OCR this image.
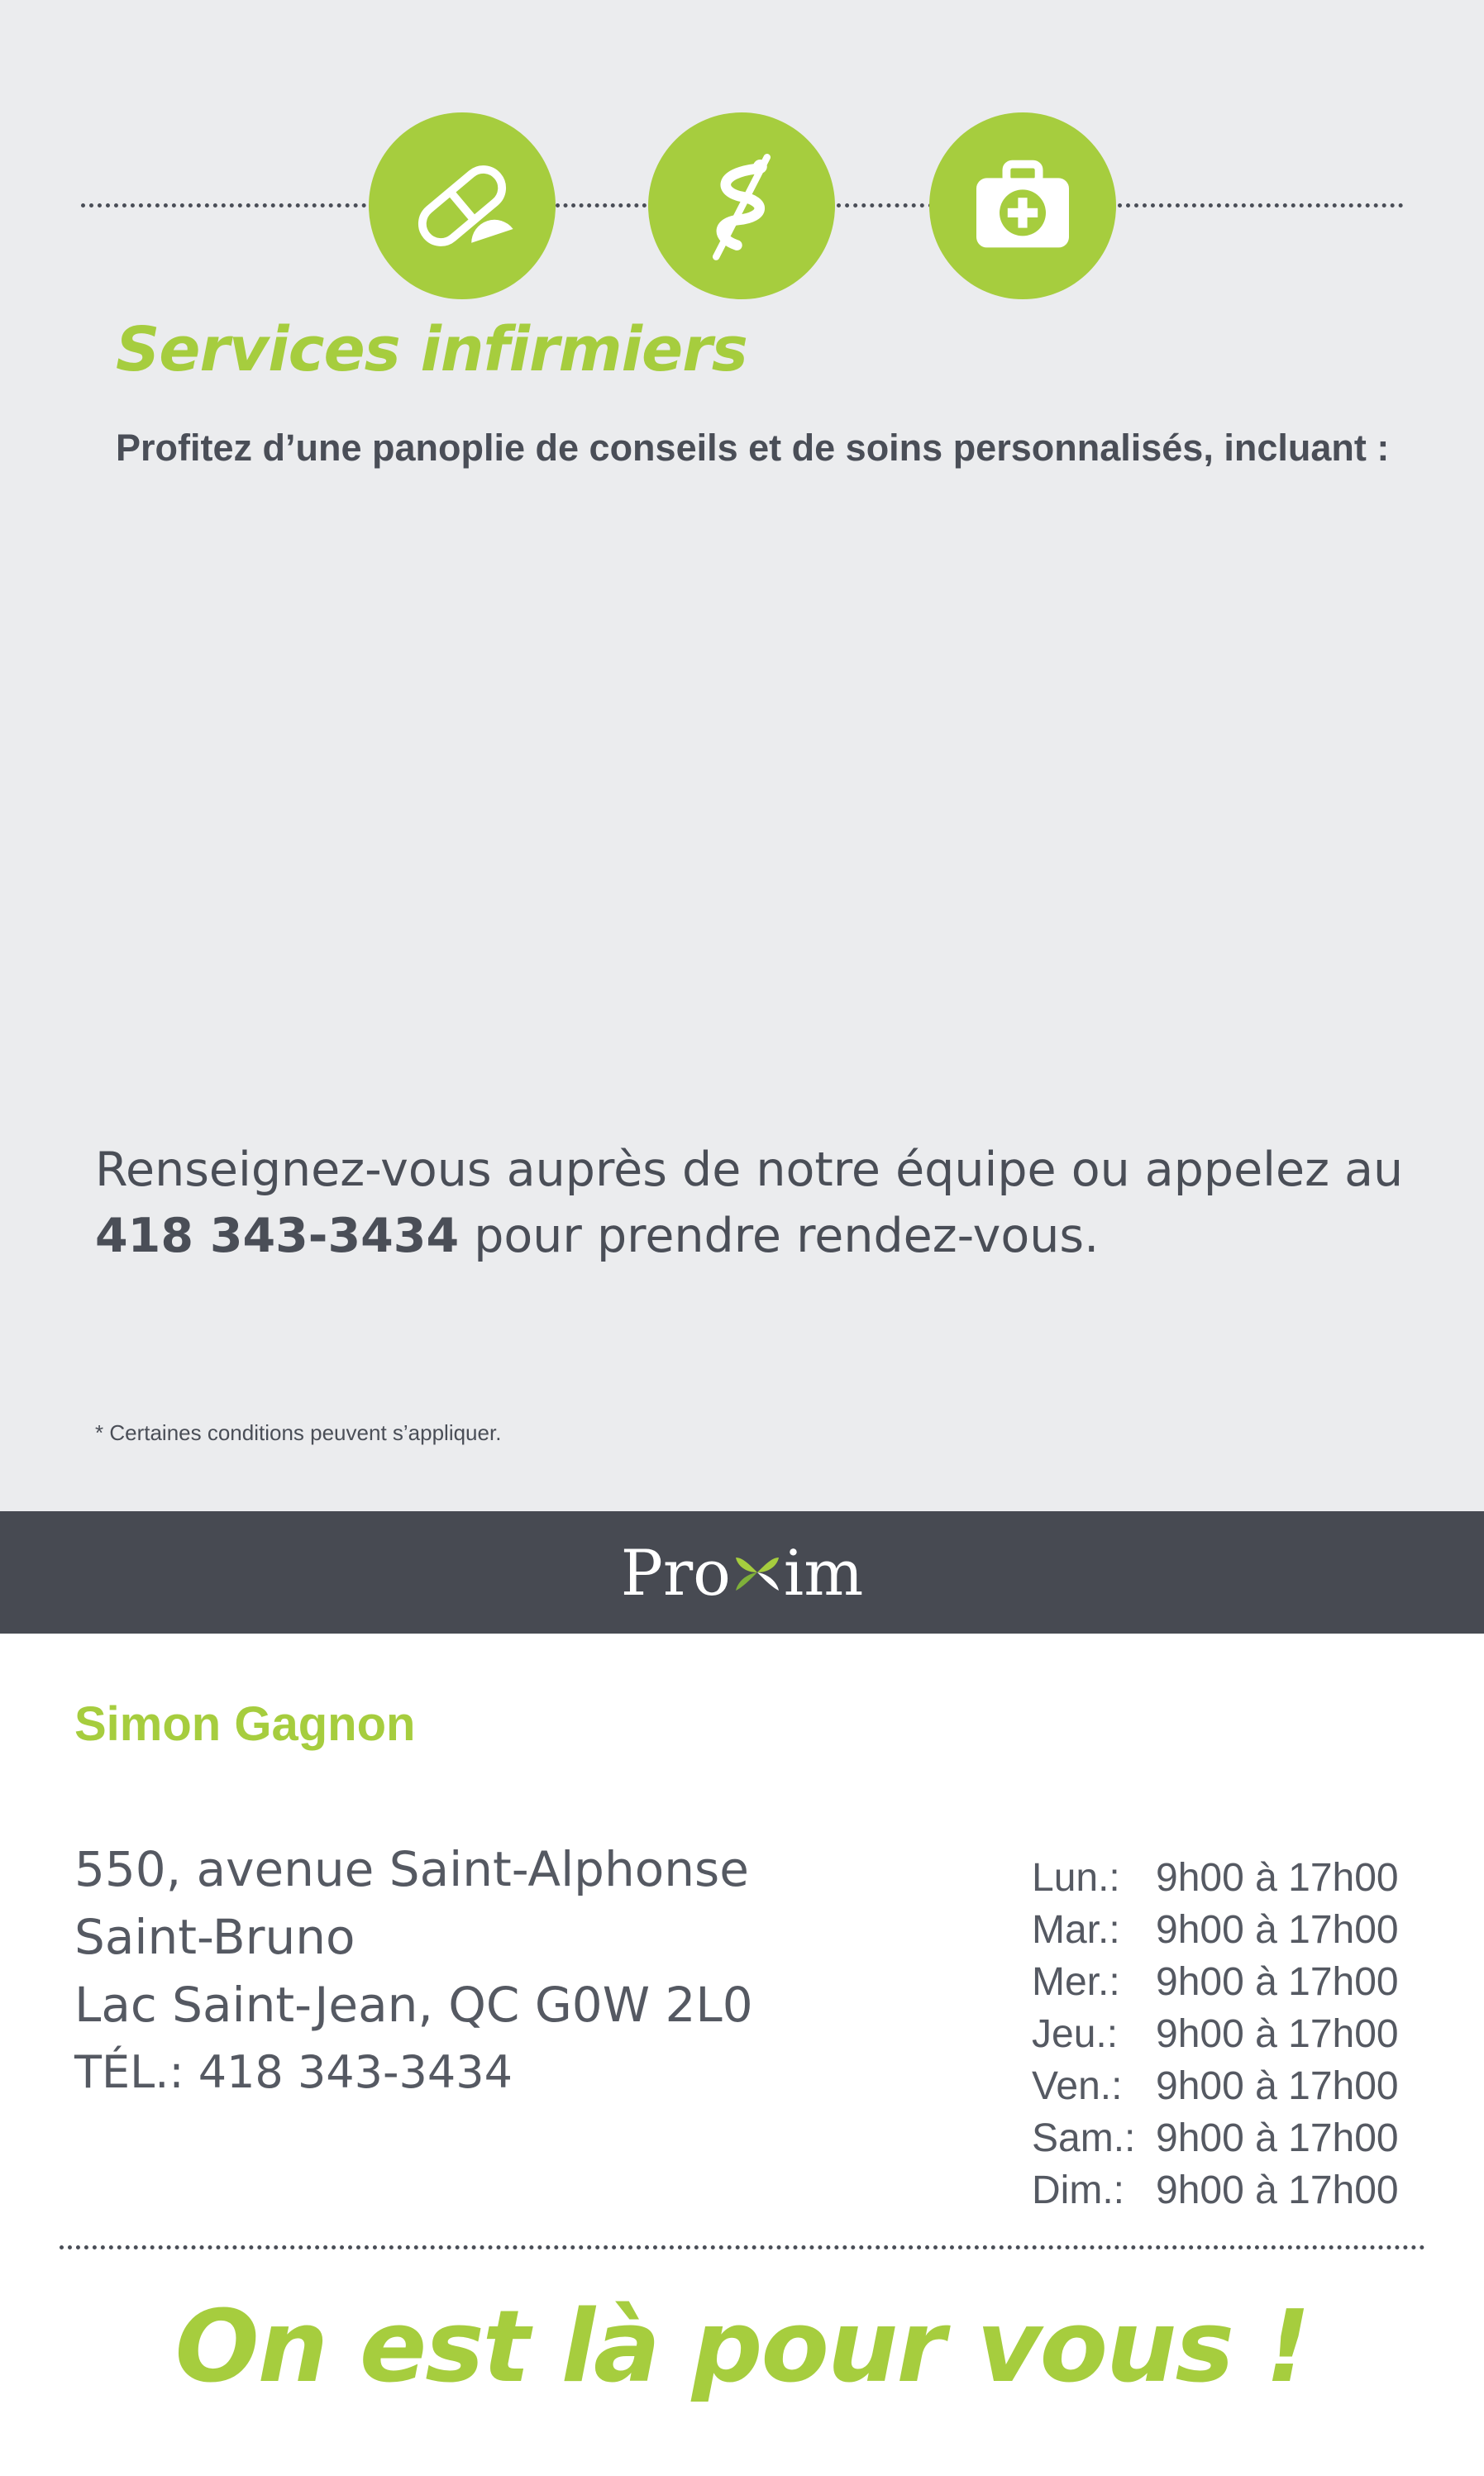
Services infirmiers
Profitez d’une panoplie de conseils et de soins personnalisés, incluant :
Renseignez-vous auprès de notre équipe ou appelez au
418 343-3434 pour prendre rendez-vous.
* Certaines conditions peuvent s’appliquer.
Pro im
Simon Gagnon
550, avenue Saint-Alphonse
Saint-Bruno
Lac Saint-Jean, QC G0W 2L0
TÉL.: 418 343-3434
Lun.: 9h00 à 17h00
Mar.: 9h00 à 17h00
Mer.: 9h00 à 17h00
Jeu.: 9h00 à 17h00
Ven.: 9h00 à 17h00
Sam.: 9h00 à 17h00
Dim.: 9h00 à 17h00
On est là pour vous !
